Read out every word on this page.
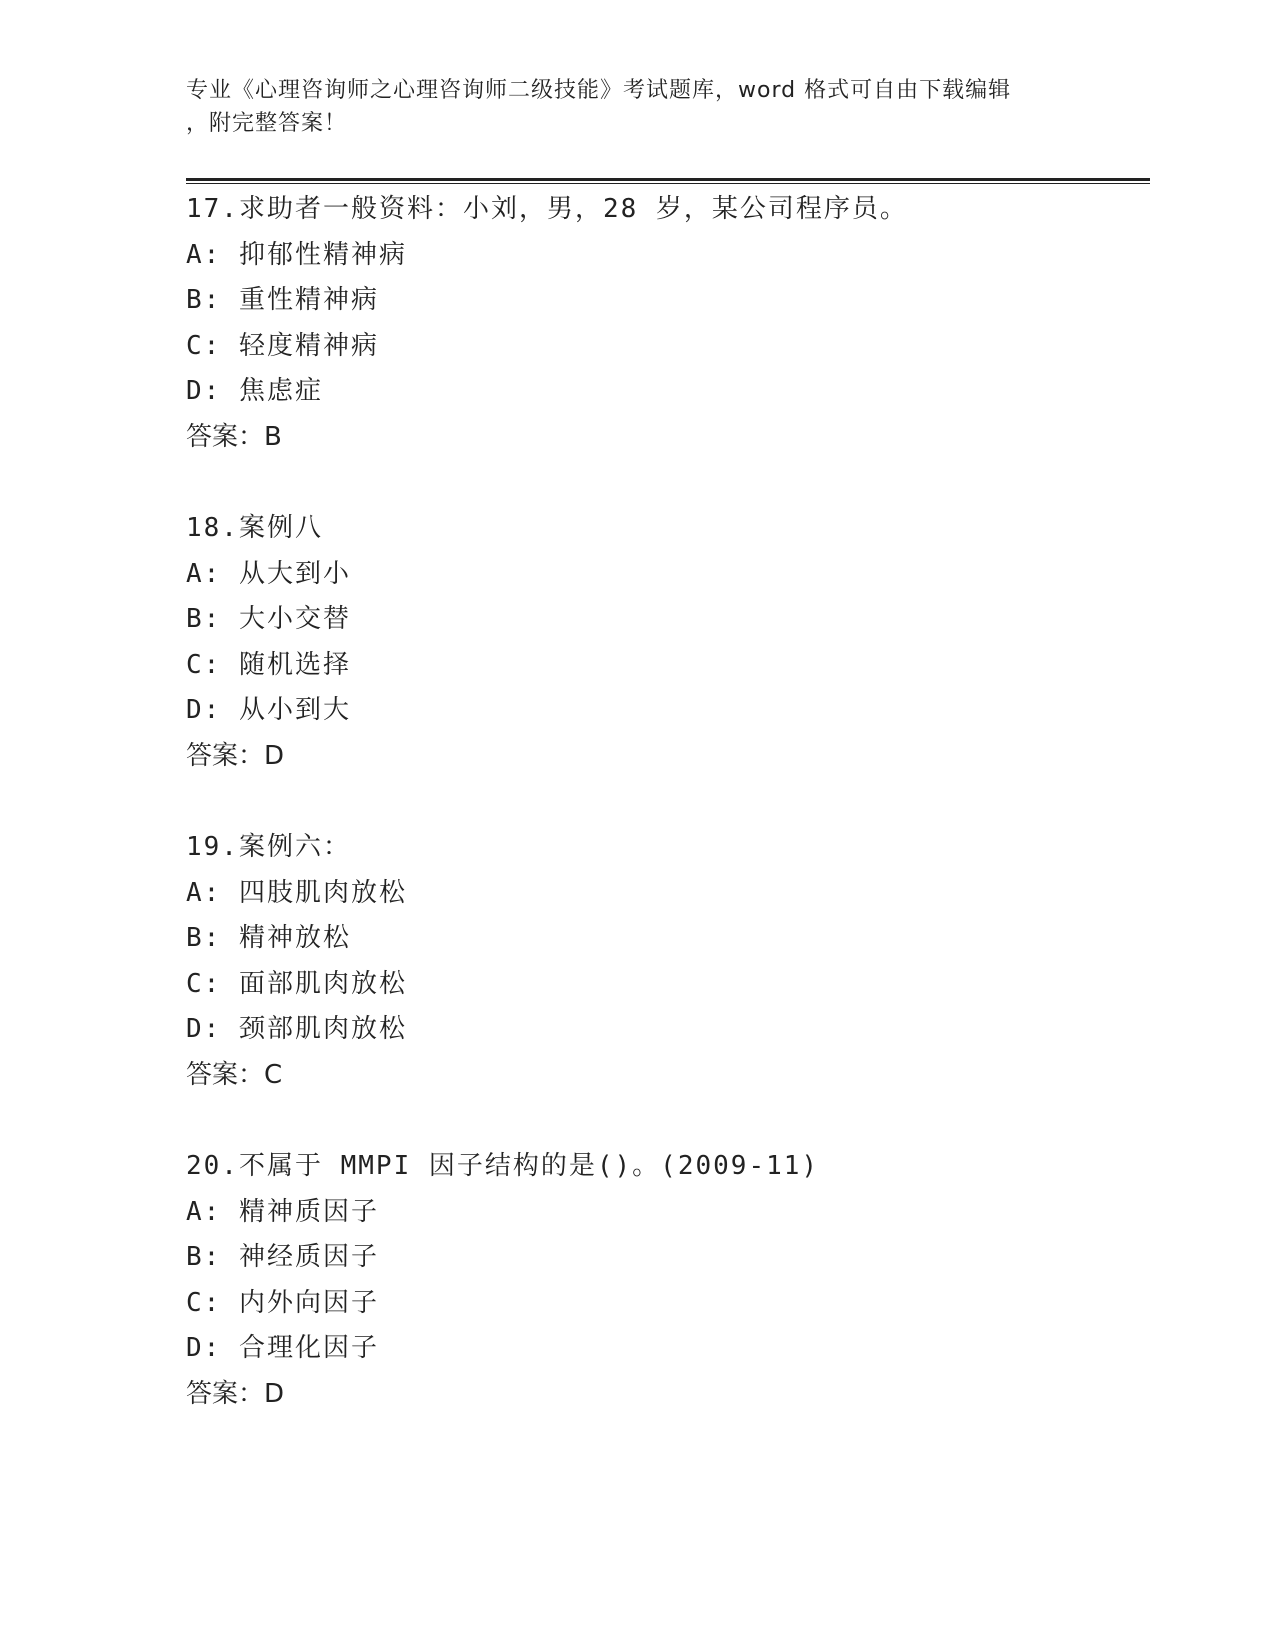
专业《心理咨询师之心理咨询师二级技能》考试题库，word 格式可自由下载编辑
，附完整答案！
17.求助者一般资料：小刘，男，28 岁，某公司程序员。
A: 抑郁性精神病
B: 重性精神病
C: 轻度精神病
D: 焦虑症
答案：B
18.案例八
A: 从大到小
B: 大小交替
C: 随机选择
D: 从小到大
答案：D
19.案例六：
A: 四肢肌肉放松
B: 精神放松
C: 面部肌肉放松
D: 颈部肌肉放松
答案：C
20.不属于 MMPI 因子结构的是()。(2009-11)
A: 精神质因子
B: 神经质因子
C: 内外向因子
D: 合理化因子
答案：D
